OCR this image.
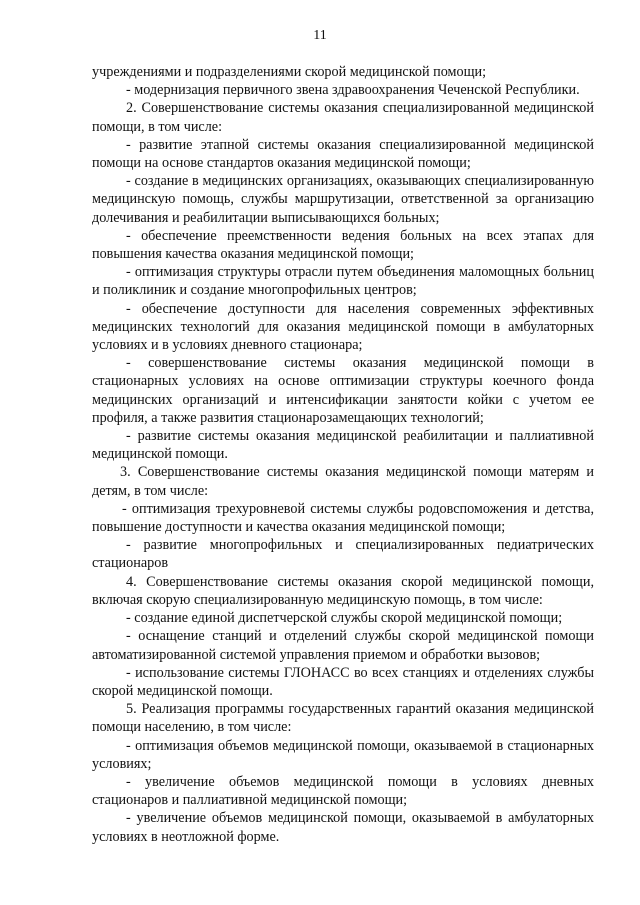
11

учреждениями и подразделениями скорой медицинской помощи;

- модернизация первичного звена здравоохранения Чеченской Республики.

2. Совершенствование системы оказания специализированной медицинской помощи, в том числе:

- развитие этапной системы оказания специализированной медицинской помощи на основе стандартов оказания медицинской помощи;

- создание в медицинских организациях, оказывающих специализированную медицинскую помощь, службы маршрутизации, ответственной за организацию долечивания и реабилитации выписывающихся больных;

- обеспечение преемственности ведения больных на всех этапах для повышения качества оказания медицинской помощи;

- оптимизация структуры отрасли путем объединения маломощных больниц и поликлиник и создание многопрофильных центров;

- обеспечение доступности для населения современных эффективных медицинских технологий для оказания медицинской помощи в амбулаторных условиях и в условиях дневного стационара;

- совершенствование системы оказания медицинской помощи в стационарных условиях на основе оптимизации структуры коечного фонда медицинских организаций и интенсификации занятости койки с учетом ее профиля, а также развития стационарозамещающих технологий;

- развитие системы оказания медицинской реабилитации и паллиативной медицинской помощи.

3. Совершенствование системы оказания медицинской помощи матерям и детям, в том числе:

- оптимизация трехуровневой системы службы родовспоможения и детства, повышение доступности и качества оказания медицинской помощи;

- развитие многопрофильных и специализированных педиатрических стационаров

4. Совершенствование системы оказания скорой медицинской помощи, включая скорую специализированную медицинскую помощь, в том числе:

- создание единой диспетчерской службы скорой медицинской помощи;

- оснащение станций и отделений службы скорой медицинской помощи автоматизированной системой управления приемом и обработки вызовов;

- использование системы ГЛОНАСС во всех станциях и отделениях службы скорой медицинской помощи.

5. Реализация программы государственных гарантий оказания медицинской помощи населению, в том числе:

- оптимизация объемов медицинской помощи, оказываемой в стационарных условиях;

- увеличение объемов медицинской помощи в условиях дневных стационаров и паллиативной медицинской помощи;

- увеличение объемов медицинской помощи, оказываемой в амбулаторных условиях в неотложной форме.
